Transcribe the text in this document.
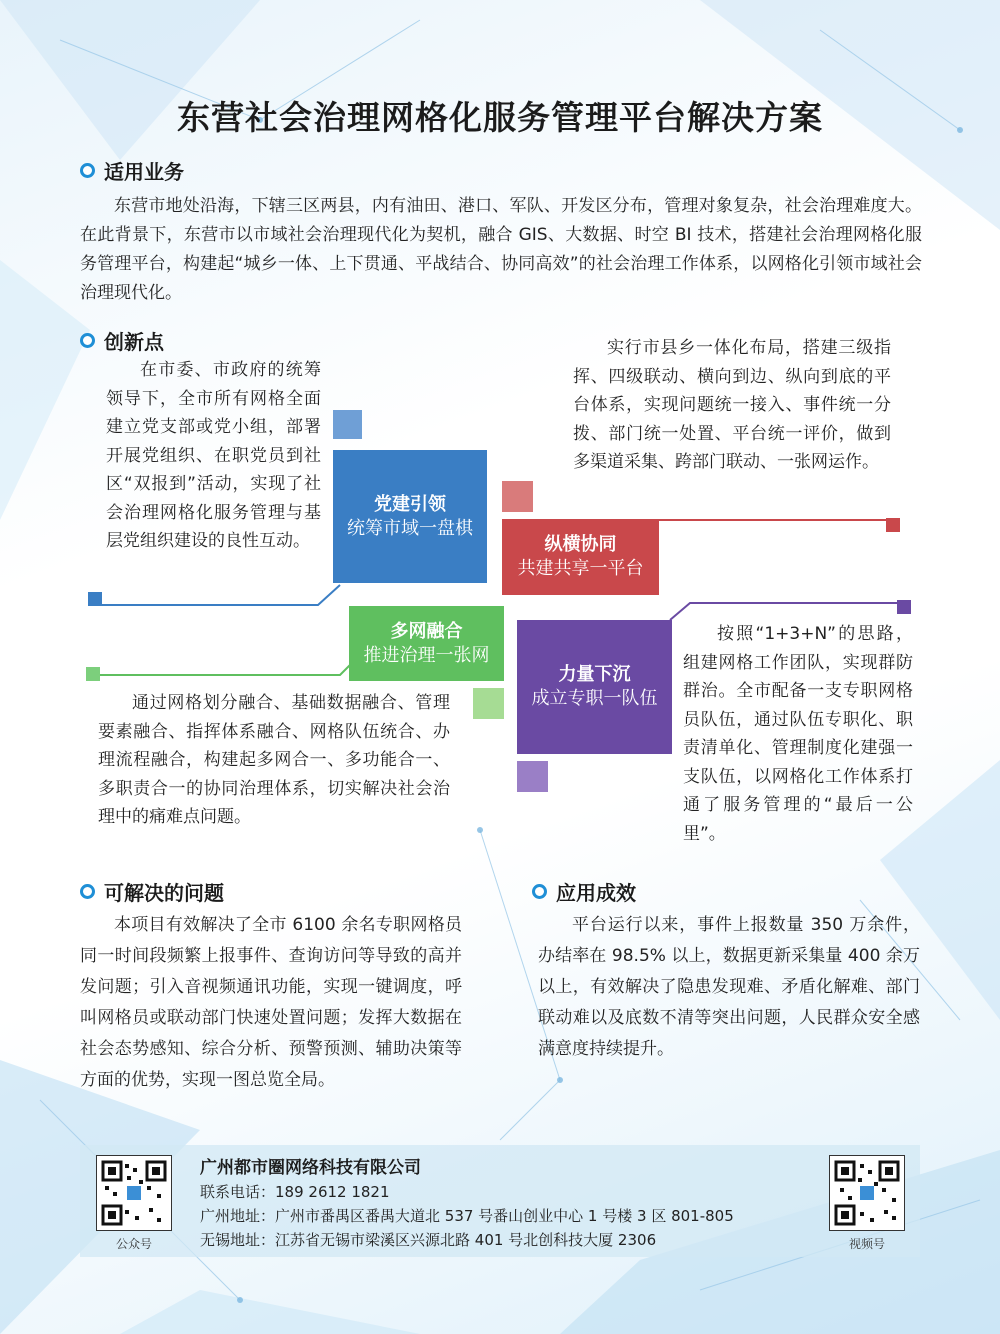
东营社会治理网格化服务管理平台解决方案
适用业务
东营市地处沿海，下辖三区两县，内有油田、港口、军队、开发区分布，管理对象复杂，社会治理难度大。在此背景下，东营市以市域社会治理现代化为契机，融合 GIS、大数据、时空 BI 技术，搭建社会治理网格化服务管理平台，构建起“城乡一体、上下贯通、平战结合、协同高效”的社会治理工作体系，以网格化引领市域社会治理现代化。
创新点
在市委、市政府的统筹领导下，全市所有网格全面建立党支部或党小组，部署开展党组织、在职党员到社区“双报到”活动，实现了社会治理网格化服务管理与基层党组织建设的良性互动。
实行市县乡一体化布局，搭建三级指挥、四级联动、横向到边、纵向到底的平台体系，实现问题统一接入、事件统一分拨、部门统一处置、平台统一评价，做到多渠道采集、跨部门联动、一张网运作。
党建引领
统筹市域一盘棋
纵横协同
共建共享一平台
多网融合
推进治理一张网
力量下沉
成立专职一队伍
通过网格划分融合、基础数据融合、管理要素融合、指挥体系融合、网格队伍统合、办理流程融合，构建起多网合一、多功能合一、多职责合一的协同治理体系，切实解决社会治理中的痛难点问题。
按照“1+3+N”的思路，组建网格工作团队，实现群防群治。全市配备一支专职网格员队伍，通过队伍专职化、职责清单化、管理制度化建强一支队伍，以网格化工作体系打通了服务管理的“最后一公里”。
可解决的问题
本项目有效解决了全市 6100 余名专职网格员同一时间段频繁上报事件、查询访问等导致的高并发问题；引入音视频通讯功能，实现一键调度，呼叫网格员或联动部门快速处置问题；发挥大数据在社会态势感知、综合分析、预警预测、辅助决策等方面的优势，实现一图总览全局。
应用成效
平台运行以来，事件上报数量 350 万余件，办结率在 98.5% 以上，数据更新采集量 400 余万以上，有效解决了隐患发现难、矛盾化解难、部门联动难以及底数不清等突出问题，人民群众安全感满意度持续提升。
公众号
广州都市圈网络科技有限公司
联系电话：189 2612 1821
广州地址：广州市番禺区番禺大道北 537 号番山创业中心 1 号楼 3 区 801-805
无锡地址：江苏省无锡市梁溪区兴源北路 401 号北创科技大厦 2306	视频号
